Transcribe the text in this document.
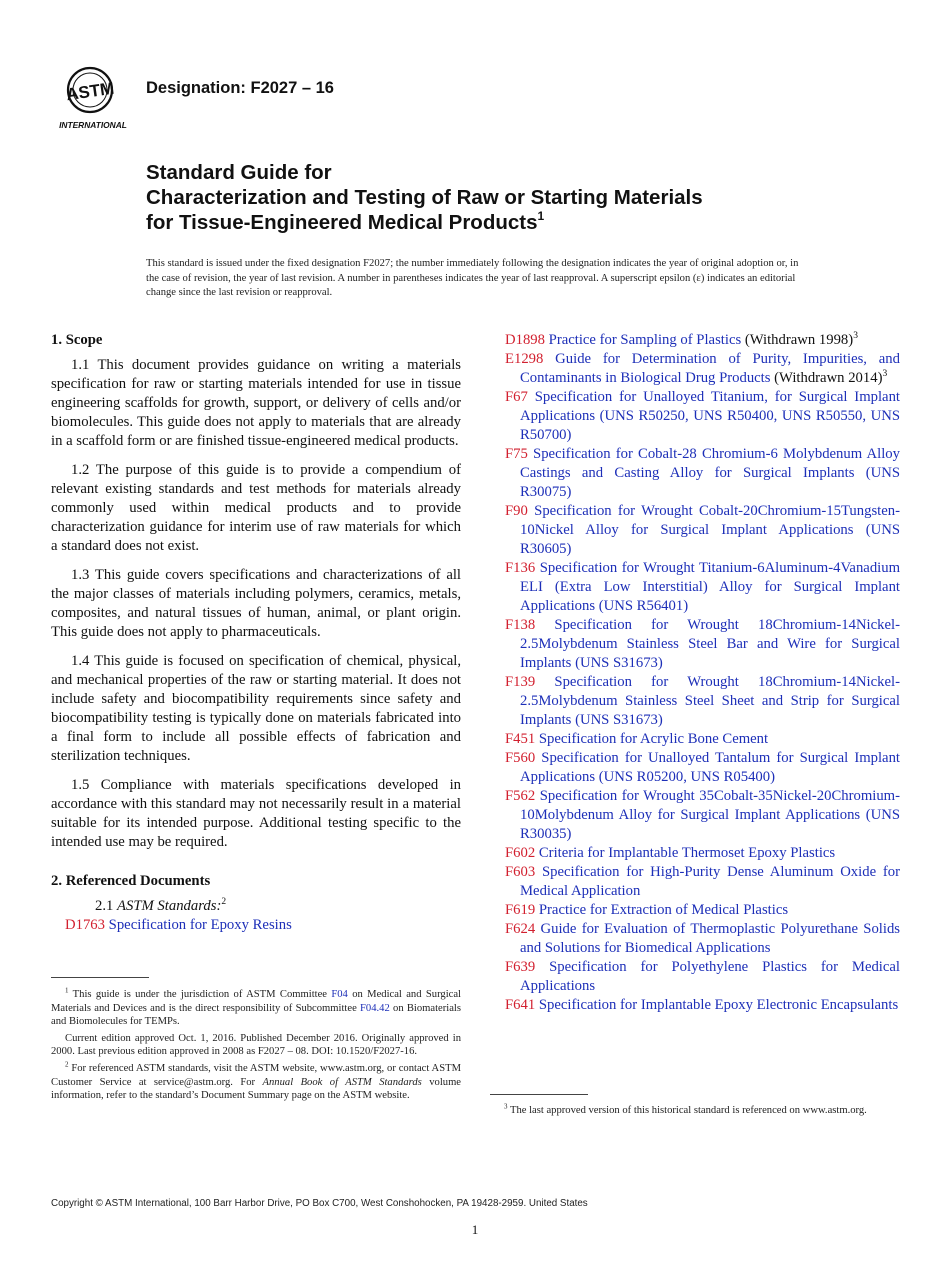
ASTM
INTERNATIONAL
Designation: F2027 – 16
Standard Guide for
Characterization and Testing of Raw or Starting Materials
for Tissue-Engineered Medical Products$^1$
This standard is issued under the fixed designation F2027; the number immediately following the designation indicates the year of original adoption or, in the case of revision, the year of last revision. A number in parentheses indicates the year of last reapproval. A superscript epsilon (ε) indicates an editorial change since the last revision or reapproval.
1. Scope

1.1 This document provides guidance on writing a materials specification for raw or starting materials intended for use in tissue engineering scaffolds for growth, support, or delivery of cells and/or biomolecules. This guide does not apply to materials that are already in a scaffold form or are finished tissue-engineered medical products.

1.2 The purpose of this guide is to provide a compendium of relevant existing standards and test methods for materials already commonly used within medical products and to provide characterization guidance for interim use of raw materials for which a standard does not exist.

1.3 This guide covers specifications and characterizations of all the major classes of materials including polymers, ceramics, metals, composites, and natural tissues of human, animal, or plant origin. This guide does not apply to pharmaceuticals.

1.4 This guide is focused on specification of chemical, physical, and mechanical properties of the raw or starting material. It does not include safety and biocompatibility requirements since safety and biocompatibility testing is typically done on materials fabricated into a final form to include all possible effects of fabrication and sterilization techniques.

1.5 Compliance with materials specifications developed in accordance with this standard may not necessarily result in a material suitable for its intended purpose. Additional testing specific to the intended use may be required.

2. Referenced Documents

2.1 ASTM Standards:$^2$

D1763 Specification for Epoxy Resins

$^1$ This guide is under the jurisdiction of ASTM Committee F04 on Medical and Surgical Materials and Devices and is the direct responsibility of Subcommittee F04.42 on Biomaterials and Biomolecules for TEMPs.

Current edition approved Oct. 1, 2016. Published December 2016. Originally approved in 2000. Last previous edition approved in 2008 as F2027 – 08. DOI: 10.1520/F2027-16.

$^2$ For referenced ASTM standards, visit the ASTM website, www.astm.org, or contact ASTM Customer Service at service@astm.org. For Annual Book of ASTM Standards volume information, refer to the standard’s Document Summary page on the ASTM website.

D1898 Practice for Sampling of Plastics (Withdrawn 1998)$^3$

E1298 Guide for Determination of Purity, Impurities, and Contaminants in Biological Drug Products (Withdrawn 2014)$^3$

F67 Specification for Unalloyed Titanium, for Surgical Implant Applications (UNS R50250, UNS R50400, UNS R50550, UNS R50700)

F75 Specification for Cobalt-28 Chromium-6 Molybdenum Alloy Castings and Casting Alloy for Surgical Implants (UNS R30075)

F90 Specification for Wrought Cobalt-20Chromium-15Tungsten-10Nickel Alloy for Surgical Implant Applications (UNS R30605)

F136 Specification for Wrought Titanium-6Aluminum-4Vanadium ELI (Extra Low Interstitial) Alloy for Surgical Implant Applications (UNS R56401)

F138 Specification for Wrought 18Chromium-14Nickel-2.5Molybdenum Stainless Steel Bar and Wire for Surgical Implants (UNS S31673)

F139 Specification for Wrought 18Chromium-14Nickel-2.5Molybdenum Stainless Steel Sheet and Strip for Surgical Implants (UNS S31673)

F451 Specification for Acrylic Bone Cement

F560 Specification for Unalloyed Tantalum for Surgical Implant Applications (UNS R05200, UNS R05400)

F562 Specification for Wrought 35Cobalt-35Nickel-20Chromium-10Molybdenum Alloy for Surgical Implant Applications (UNS R30035)

F602 Criteria for Implantable Thermoset Epoxy Plastics

F603 Specification for High-Purity Dense Aluminum Oxide for Medical Application

F619 Practice for Extraction of Medical Plastics

F624 Guide for Evaluation of Thermoplastic Polyurethane Solids and Solutions for Biomedical Applications

F639 Specification for Polyethylene Plastics for Medical Applications

F641 Specification for Implantable Epoxy Electronic Encapsulants

$^3$ The last approved version of this historical standard is referenced on www.astm.org.

Copyright © ASTM International, 100 Barr Harbor Drive, PO Box C700, West Conshohocken, PA 19428-2959. United States
1
